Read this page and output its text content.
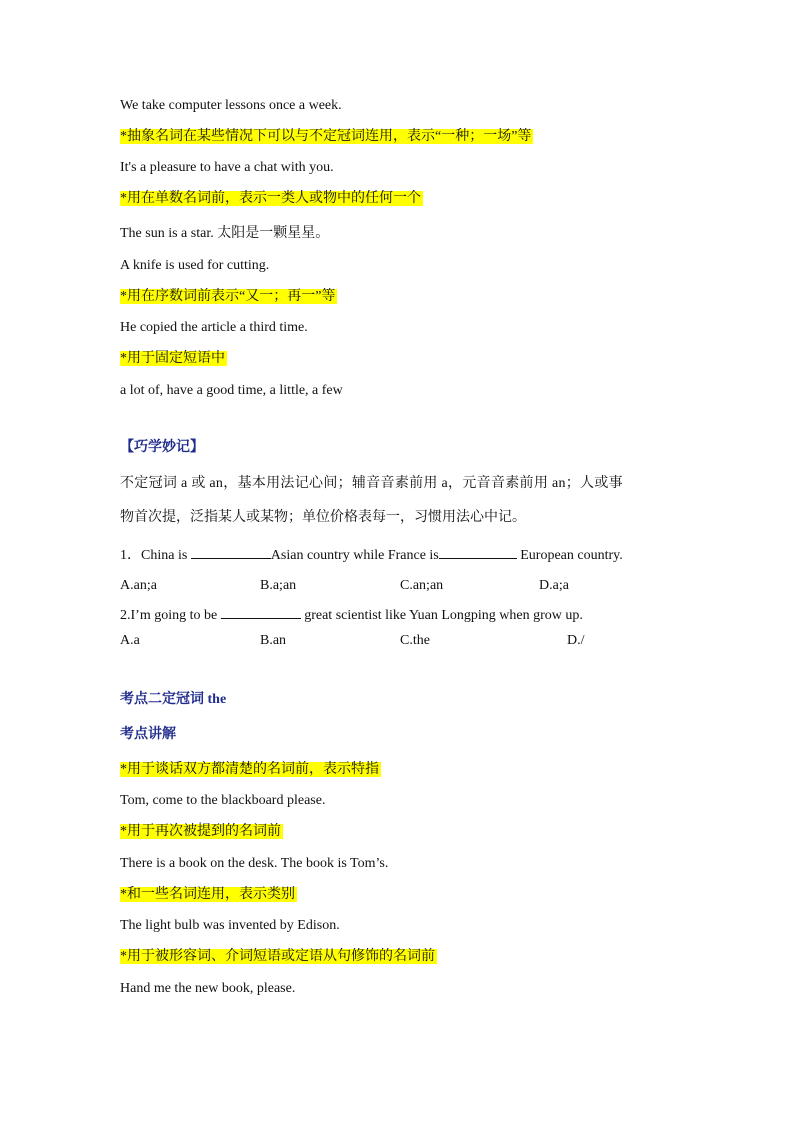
We take computer lessons once a week.
*抽象名词在某些情况下可以与不定冠词连用，表示“一种；一场”等
It's a pleasure to have a chat with you.
*用在单数名词前，表示一类人或物中的任何一个
The sun is a star. 太阳是一颗星星。
A knife is used for cutting.
*用在序数词前表示“又一；再一”等
He copied the article a third time.
*用于固定短语中
a lot of, have a good time, a little, a few
【巧学妙记】
不定冠词 a 或 an，基本用法记心间；辅音音素前用 a，元音音素前用 an；人或事
物首次提，泛指某人或某物；单位价格表每一，习惯用法心中记。
1．China is	Asian country while France is	European country.
A.an;a	B.a;an	C.an;an	D.a;a
2.I’m going to be	great scientist like Yuan Longping when grow up.
A.a	B.an	C.the	D./
考点二定冠词 the
考点讲解
*用于谈话双方都清楚的名词前，表示特指
Tom, come to the blackboard please.
*用于再次被提到的名词前
There is a book on the desk. The book is Tom’s.
*和一些名词连用，表示类别
The light bulb was invented by Edison.
*用于被形容词、介词短语或定语从句修饰的名词前
Hand me the new book, please.
